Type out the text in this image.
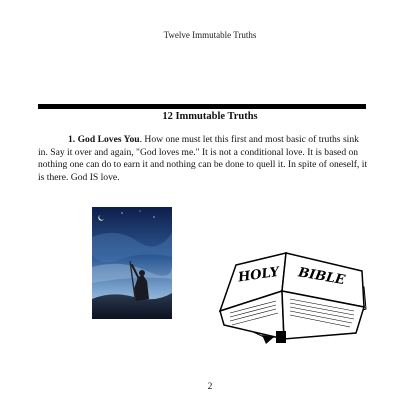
Twelve Immutable Truths
12 Immutable Truths

1. God Loves You. How one must let this first and most basic of truths sink in. Say it over and again, "God loves me." It is not a conditional love. It is based on nothing one can do to earn it and nothing can be done to quell it. In spite of oneself, it is there. God IS love.

HOLY BIBLE
2
